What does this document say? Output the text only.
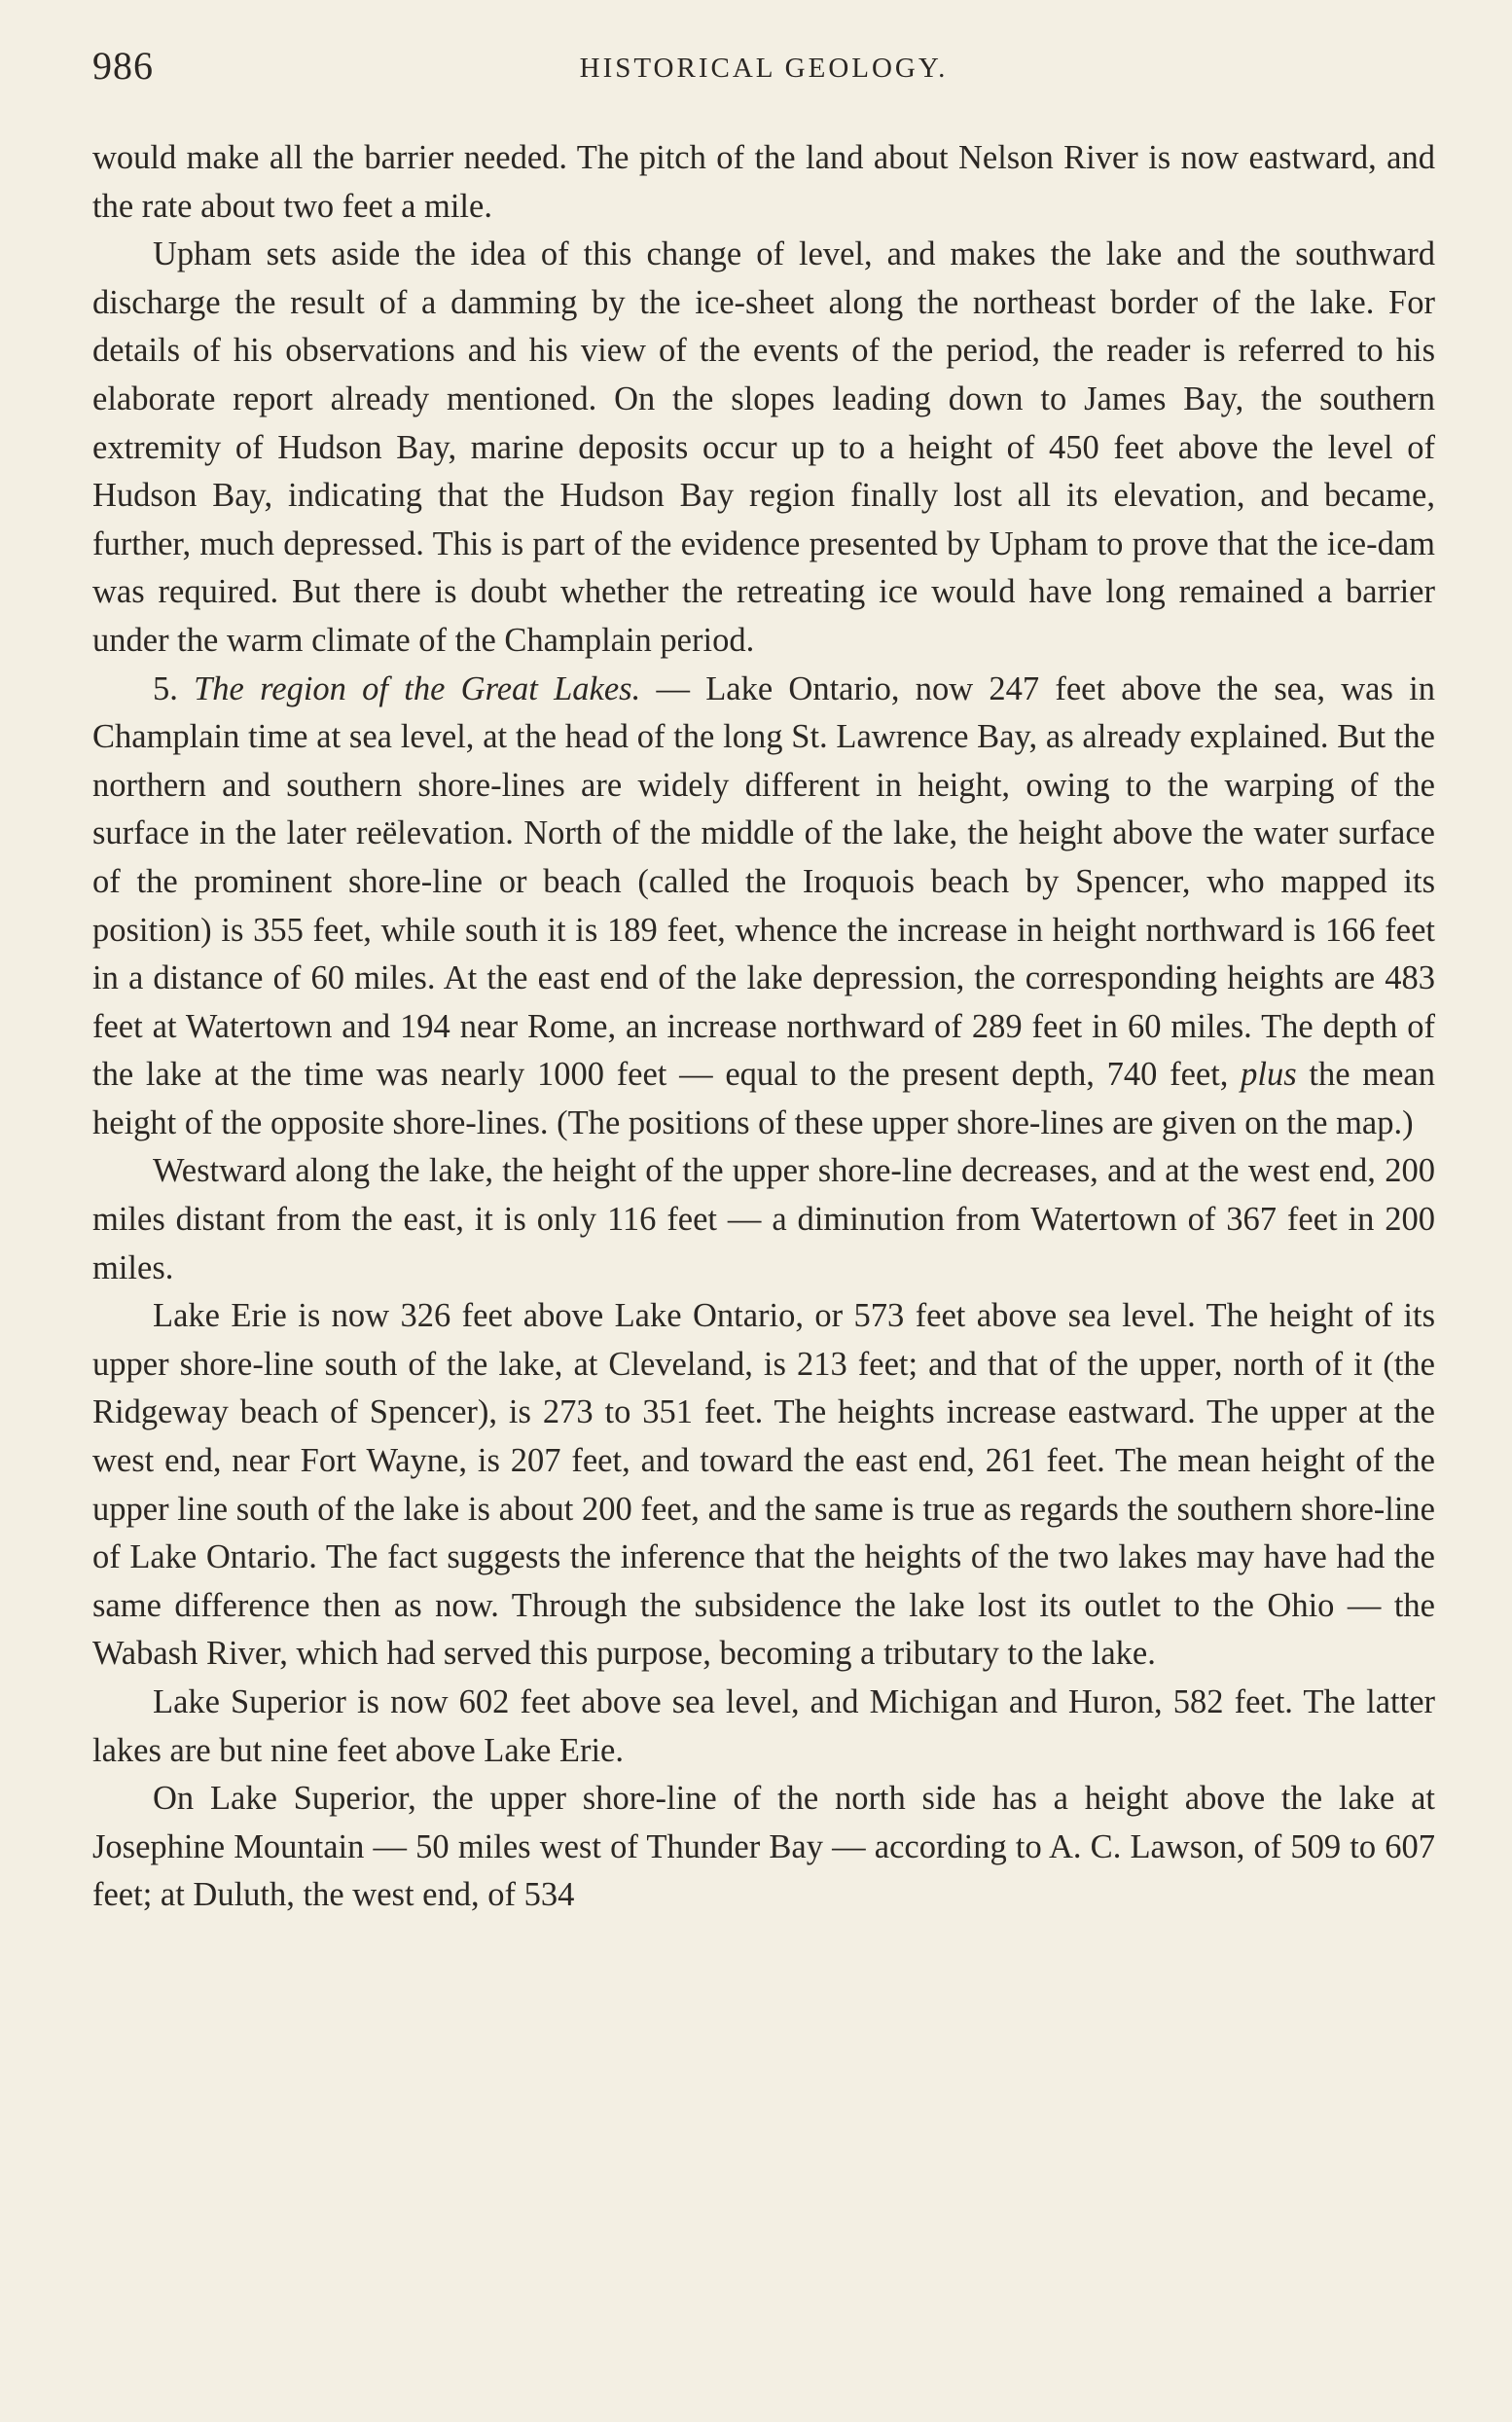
986	HISTORICAL GEOLOGY.

would make all the barrier needed. The pitch of the land about Nelson River is now eastward, and the rate about two feet a mile.

Upham sets aside the idea of this change of level, and makes the lake and the southward discharge the result of a damming by the ice-sheet along the northeast border of the lake. For details of his observations and his view of the events of the period, the reader is referred to his elaborate report already mentioned. On the slopes leading down to James Bay, the southern extremity of Hudson Bay, marine deposits occur up to a height of 450 feet above the level of Hudson Bay, indicating that the Hudson Bay region finally lost all its elevation, and became, further, much depressed. This is part of the evidence presented by Upham to prove that the ice-dam was required. But there is doubt whether the retreating ice would have long remained a barrier under the warm climate of the Champlain period.

5. The region of the Great Lakes. — Lake Ontario, now 247 feet above the sea, was in Champlain time at sea level, at the head of the long St. Lawrence Bay, as already explained. But the northern and southern shore-lines are widely different in height, owing to the warping of the surface in the later reëlevation. North of the middle of the lake, the height above the water surface of the prominent shore-line or beach (called the Iroquois beach by Spencer, who mapped its position) is 355 feet, while south it is 189 feet, whence the increase in height northward is 166 feet in a distance of 60 miles. At the east end of the lake depression, the corresponding heights are 483 feet at Watertown and 194 near Rome, an increase northward of 289 feet in 60 miles. The depth of the lake at the time was nearly 1000 feet — equal to the present depth, 740 feet, plus the mean height of the opposite shore-lines. (The positions of these upper shore-lines are given on the map.)

Westward along the lake, the height of the upper shore-line decreases, and at the west end, 200 miles distant from the east, it is only 116 feet — a diminution from Watertown of 367 feet in 200 miles.

Lake Erie is now 326 feet above Lake Ontario, or 573 feet above sea level. The height of its upper shore-line south of the lake, at Cleveland, is 213 feet; and that of the upper, north of it (the Ridgeway beach of Spencer), is 273 to 351 feet. The heights increase eastward. The upper at the west end, near Fort Wayne, is 207 feet, and toward the east end, 261 feet. The mean height of the upper line south of the lake is about 200 feet, and the same is true as regards the southern shore-line of Lake Ontario. The fact suggests the inference that the heights of the two lakes may have had the same difference then as now. Through the subsidence the lake lost its outlet to the Ohio — the Wabash River, which had served this purpose, becoming a tributary to the lake.

Lake Superior is now 602 feet above sea level, and Michigan and Huron, 582 feet. The latter lakes are but nine feet above Lake Erie.

On Lake Superior, the upper shore-line of the north side has a height above the lake at Josephine Mountain — 50 miles west of Thunder Bay — according to A. C. Lawson, of 509 to 607 feet; at Duluth, the west end, of 534
